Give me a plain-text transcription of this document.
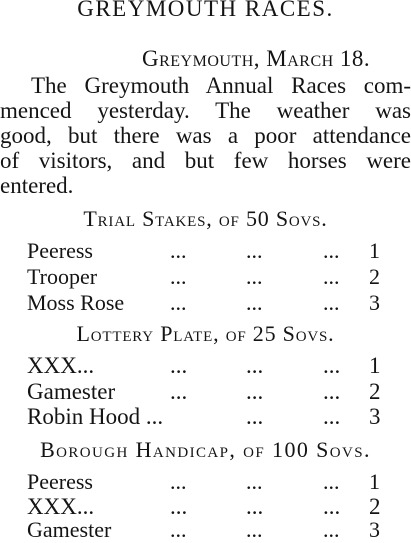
GREYMOUTH RACES.
Greymouth, March 18.
The Greymouth Annual Races com-
menced yesterday. The weather was
good, but there was a poor attendance
of visitors, and but few horses were
entered.
Trial Stakes, of 50 Sovs.
Peeress	...	...	... 1
Trooper	...	...	... 2
Moss Rose ...	...	... 3
Lottery Plate, of 25 Sovs.
XXX...	...	...	... 1
Gamester ...	...	... 2
Robin Hood ...	...	... 3
Borough Handicap, of 100 Sovs.
Peeress	...	...	... 1
XXX...	...	...	... 2
Gamester	...	...	... 3
